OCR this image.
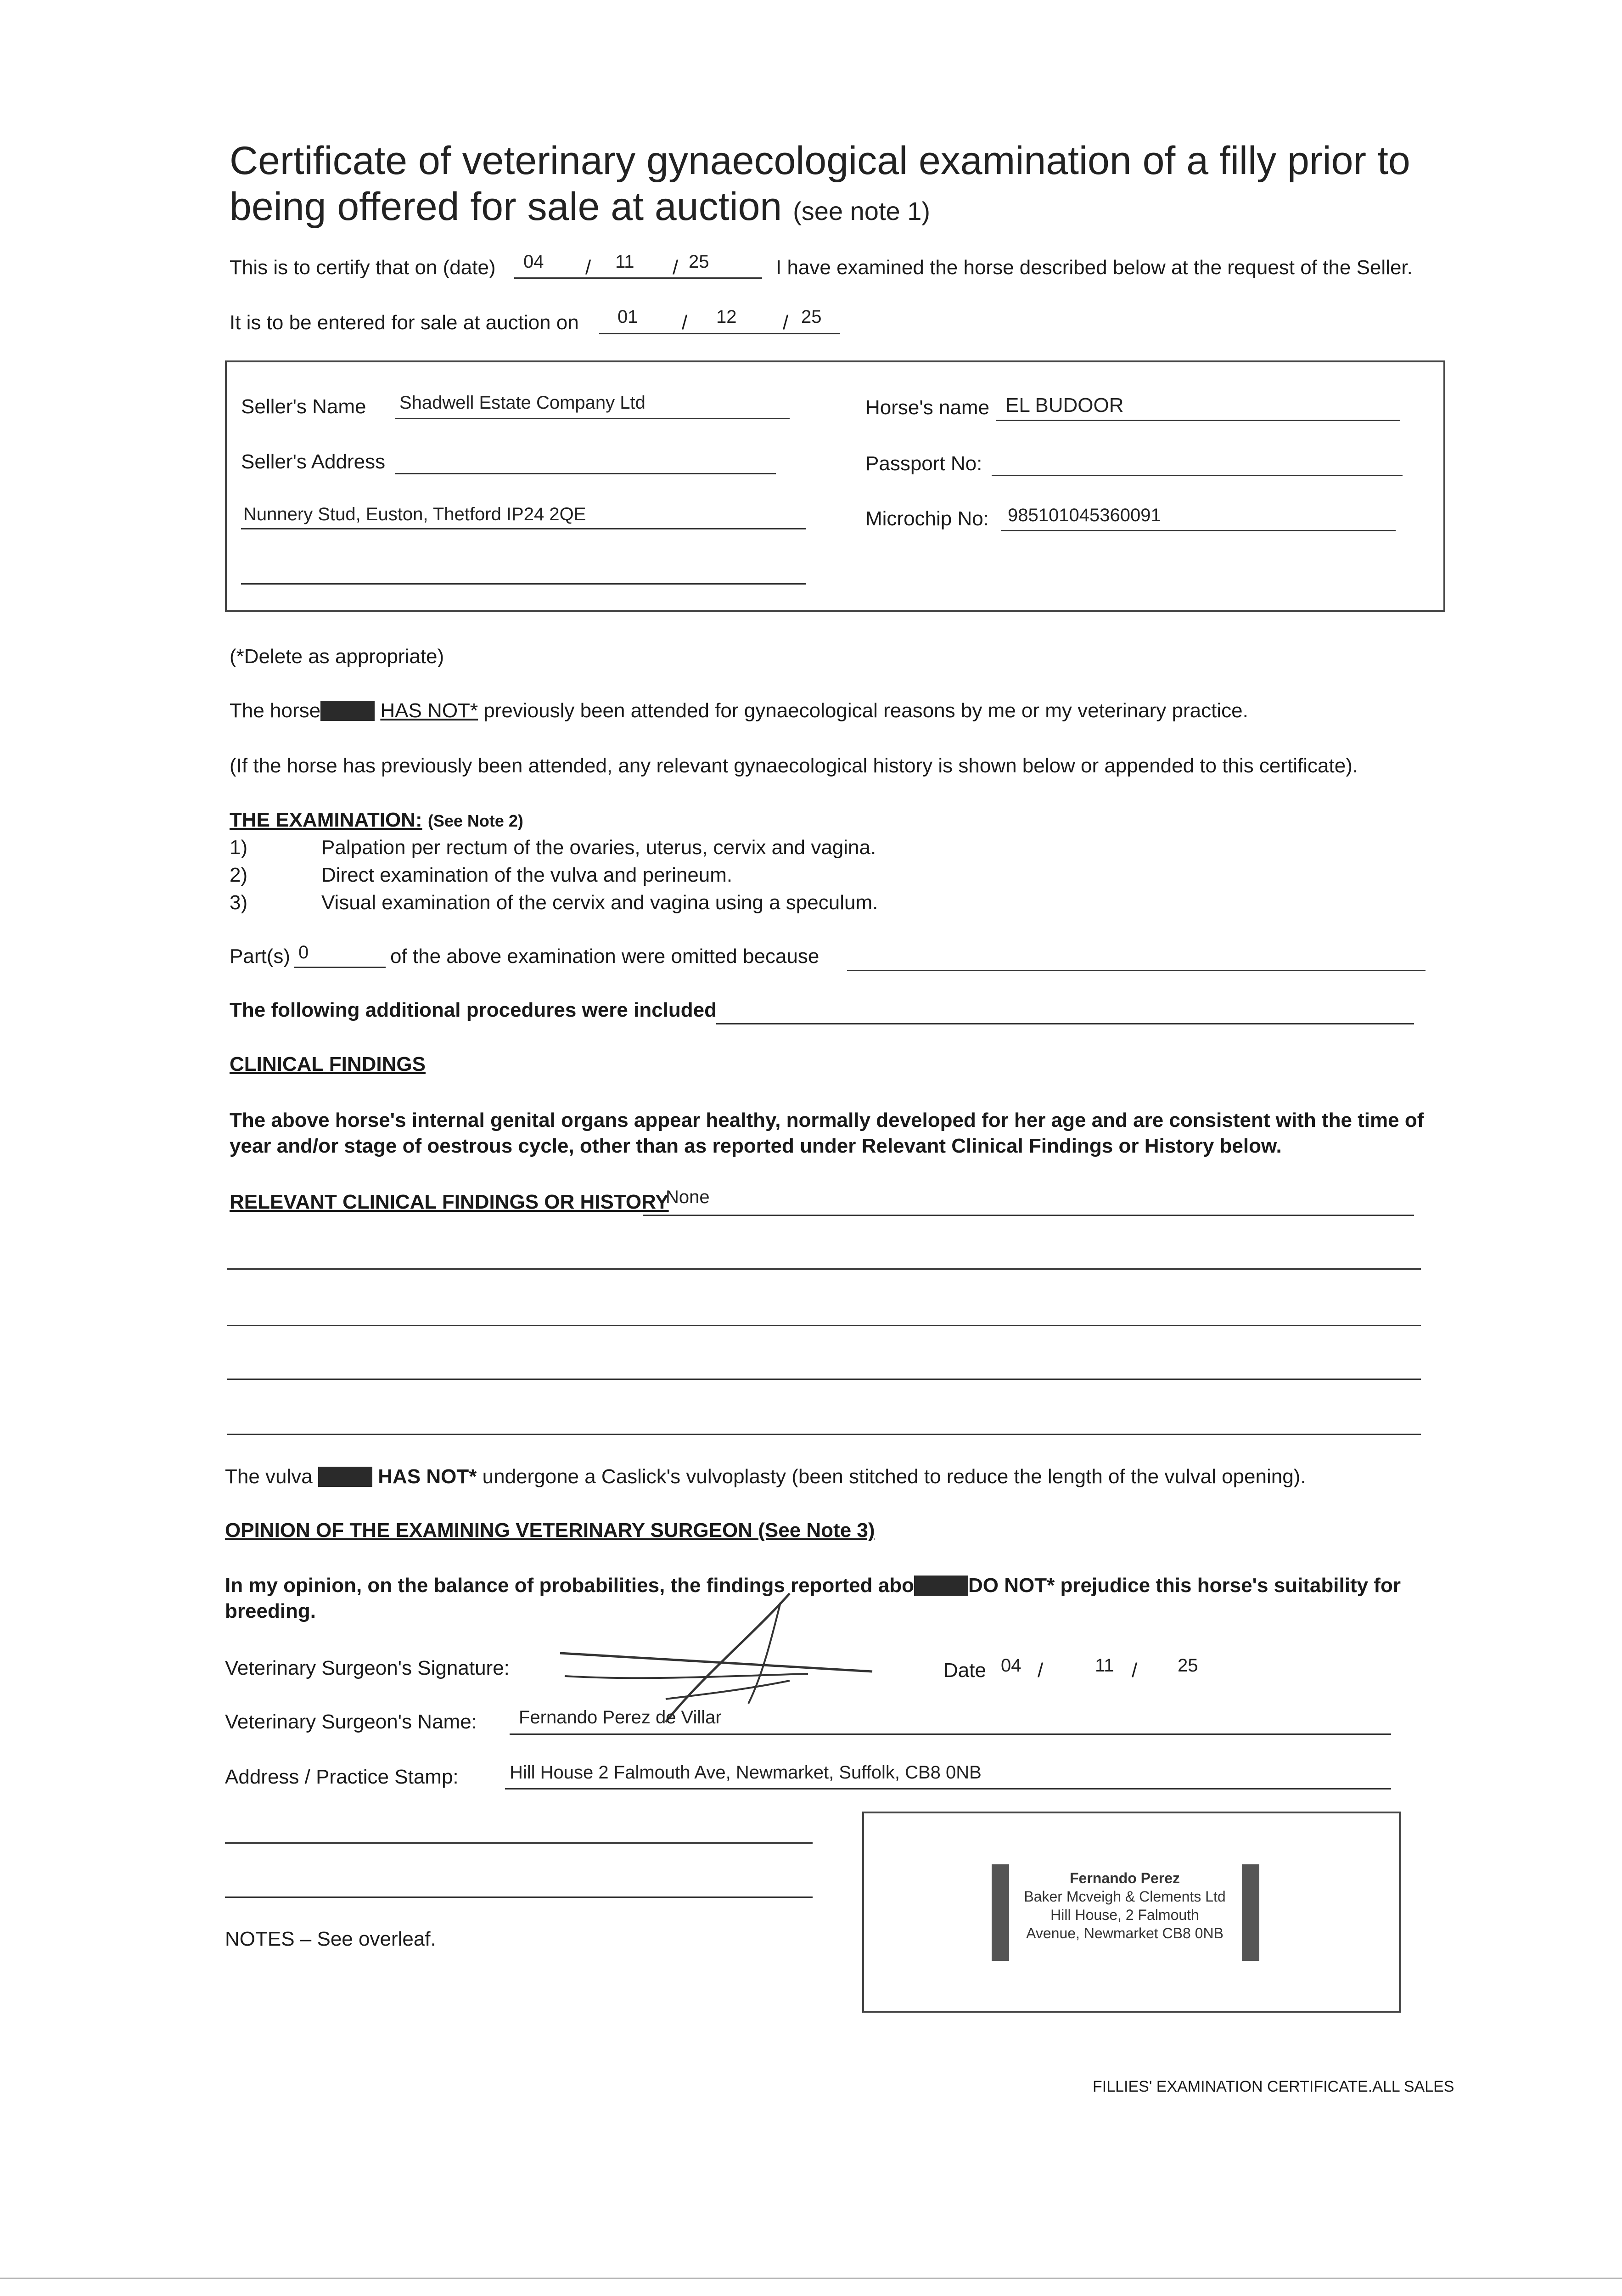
Certificate of veterinary gynaecological examination of a filly prior to being offered for sale at auction (see note 1)
This is to certify that on (date) 04 / 11 / 25	I have examined the horse described below at the request of the Seller.
It is to be entered for sale at auction on 01 / 12 / 25
Seller's Name Shadwell Estate Company Ltd
Seller's Address
Nunnery Stud, Euston, Thetford IP24 2QE
Horse's name EL BUDOOR
Passport No:
Microchip No: 985101045360091
(*Delete as appropriate)
The horse	HAS NOT* previously been attended for gynaecological reasons by me or my veterinary practice.
(If the horse has previously been attended, any relevant gynaecological history is shown below or appended to this certificate).
THE EXAMINATION: (See Note 2)
1)	Palpation per rectum of the ovaries, uterus, cervix and vagina.
2)	Direct examination of the vulva and perineum.
3)	Visual examination of the cervix and vagina using a speculum.
Part(s) 0	of the above examination were omitted because
The following additional procedures were included
CLINICAL FINDINGS
The above horse's internal genital organs appear healthy, normally developed for her age and are consistent with the time of year and/or stage of oestrous cycle, other than as reported under Relevant Clinical Findings or History below.
RELEVANT CLINICAL FINDINGS OR HISTORY
None
The vulva	HAS NOT* undergone a Caslick's vulvoplasty (been stitched to reduce the length of the vulval opening).
OPINION OF THE EXAMINING VETERINARY SURGEON (See Note 3)
In my opinion, on the balance of probabilities, the findings reported abo	DO NOT* prejudice this horse's suitability for breeding.
Veterinary Surgeon's Signature:	Date 04 /	11 / 25
Veterinary Surgeon's Name: Fernando Perez de Villar
Address / Practice Stamp:	Hill House 2 Falmouth Ave, Newmarket, Suffolk, CB8 0NB
Fernando Perez
Baker Mcveigh & Clements Ltd
Hill House, 2 Falmouth
Avenue, Newmarket CB8 0NB
NOTES – See overleaf.
FILLIES' EXAMINATION CERTIFICATE.ALL SALES
